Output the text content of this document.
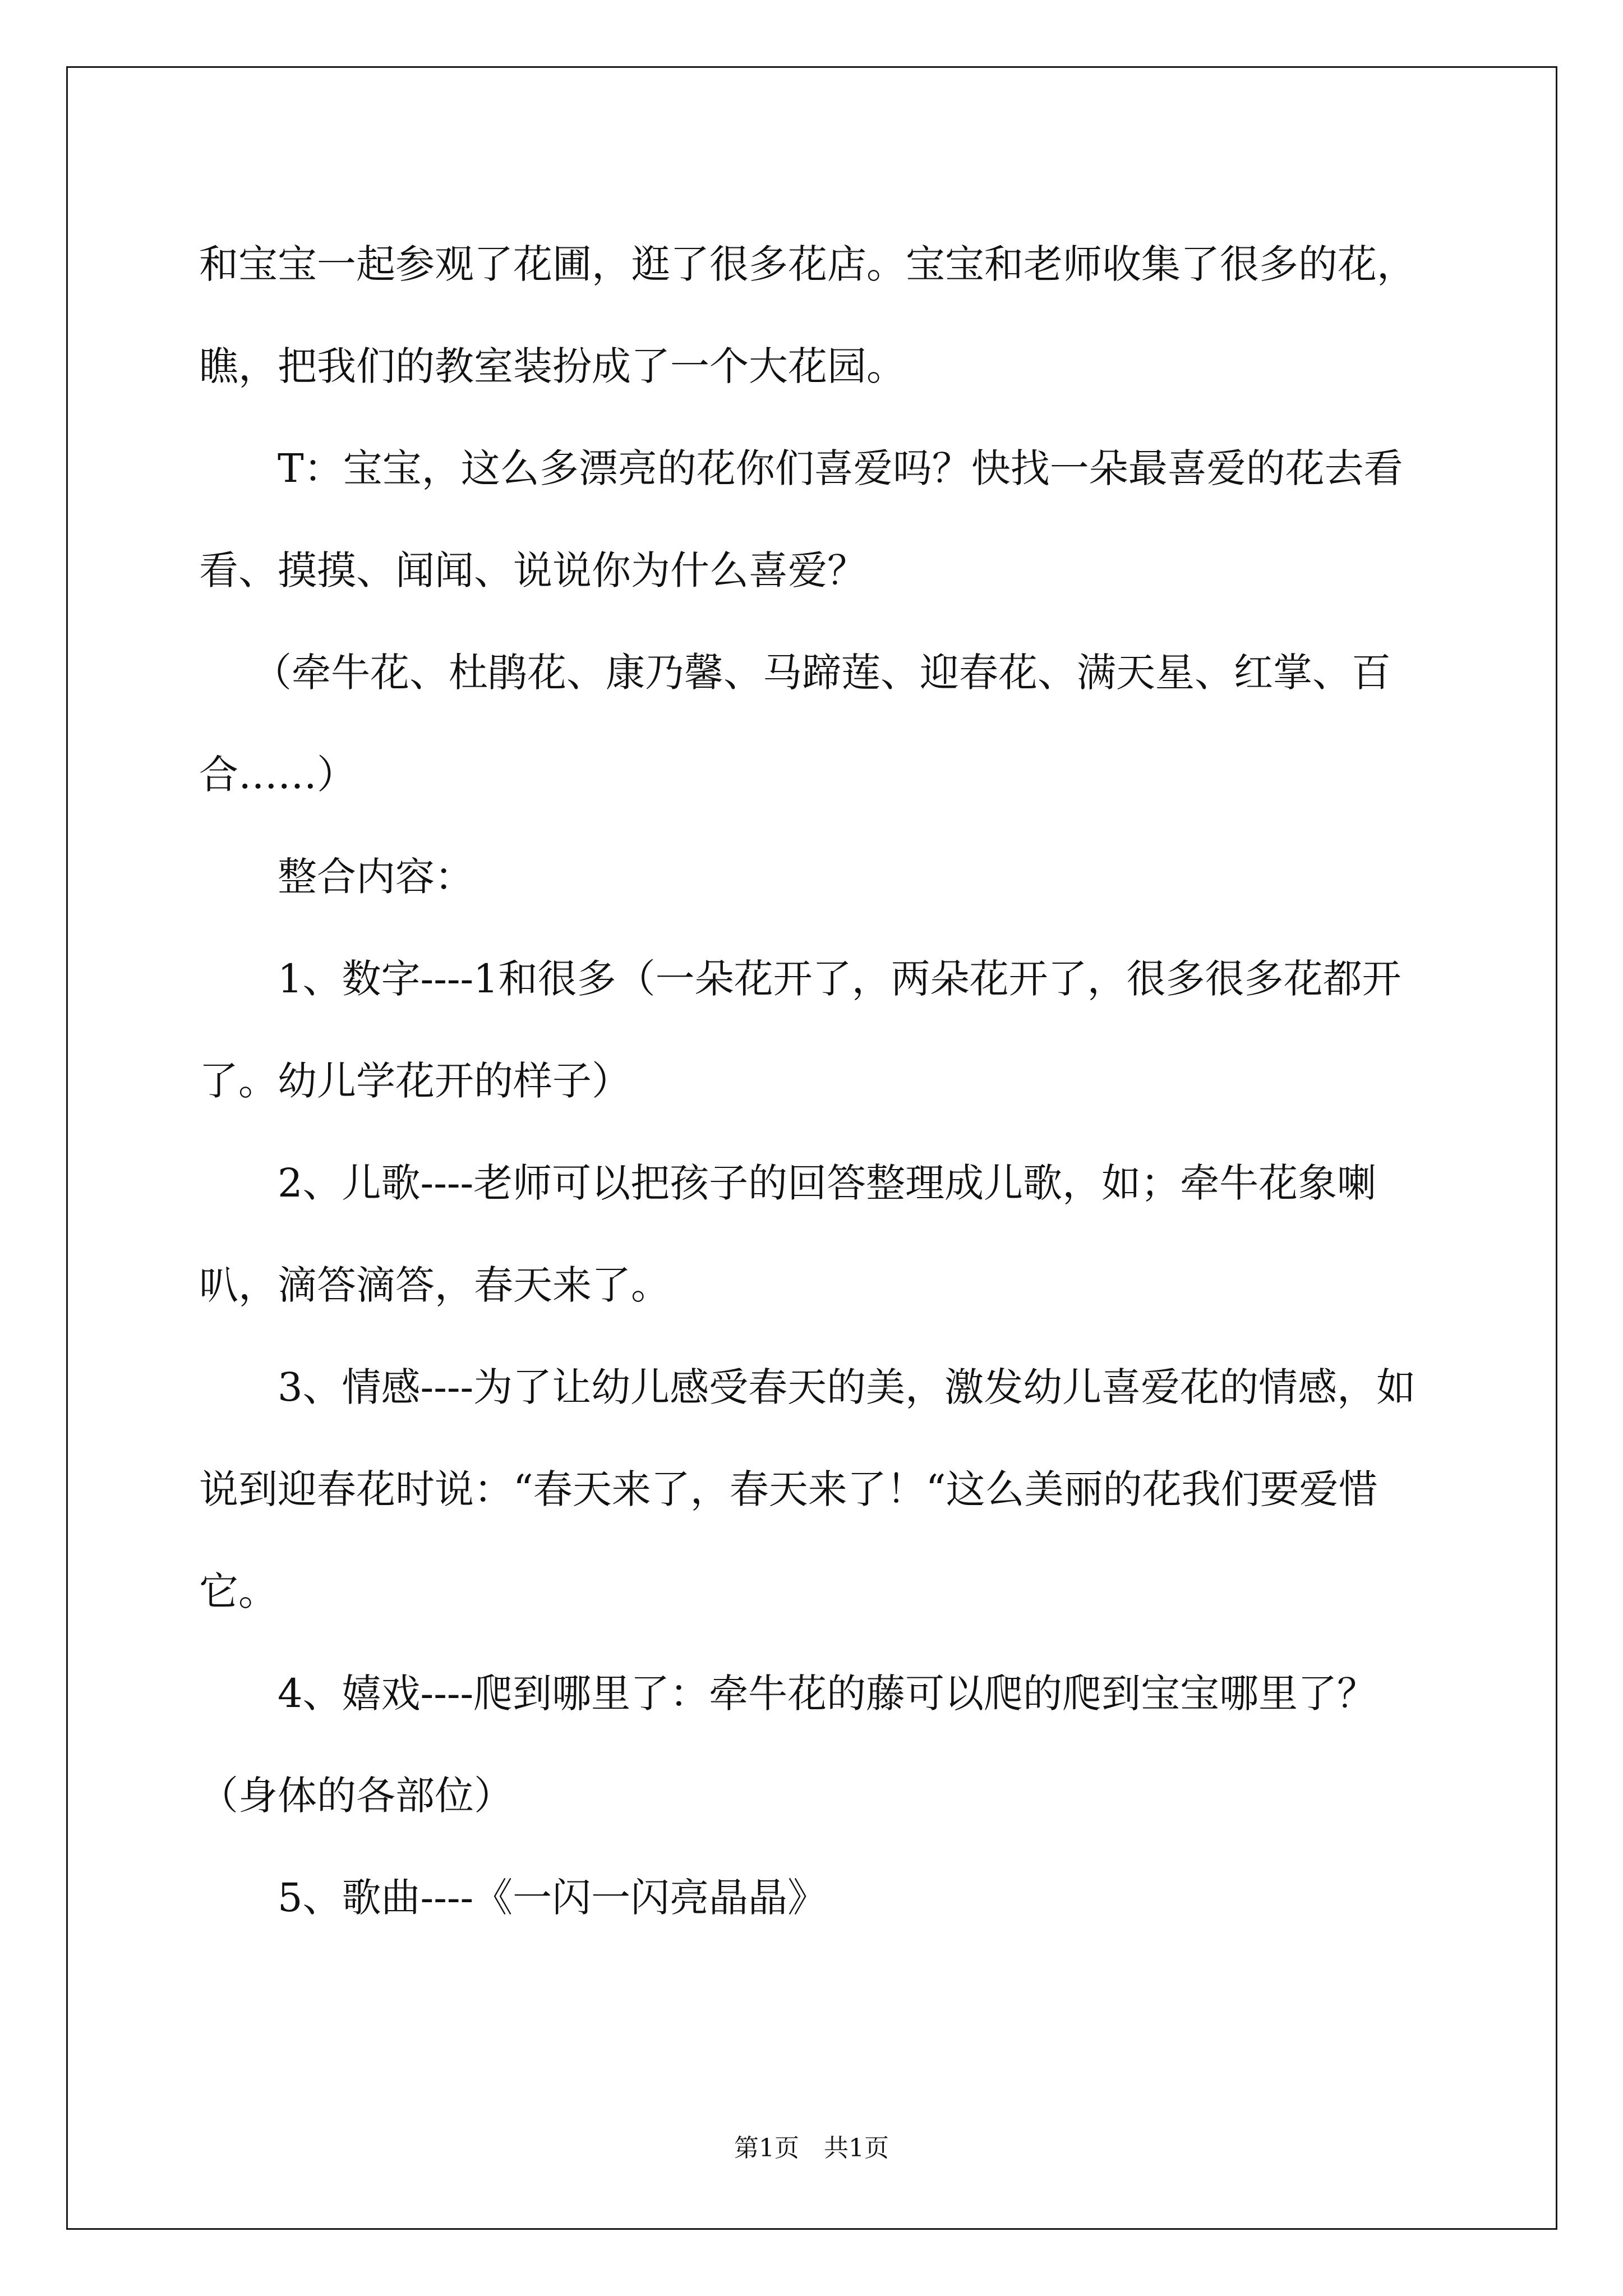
和宝宝一起参观了花圃，逛了很多花店。宝宝和老师收集了很多的花，瞧，把我们的教室装扮成了一个大花园。

T：宝宝，这么多漂亮的花你们喜爱吗？快找一朵最喜爱的花去看看、摸摸、闻闻、说说你为什么喜爱？

（牵牛花、杜鹃花、康乃馨、马蹄莲、迎春花、满天星、红掌、百合……）

整合内容：

1、数字----1和很多（一朵花开了，两朵花开了，很多很多花都开了。幼儿学花开的样子）

2、儿歌----老师可以把孩子的回答整理成儿歌，如；牵牛花象喇叭，滴答滴答，春天来了。

3、情感----为了让幼儿感受春天的美，激发幼儿喜爱花的情感，如说到迎春花时说：“春天来了，春天来了！“这么美丽的花我们要爱惜它。

4、嬉戏----爬到哪里了：牵牛花的藤可以爬的爬到宝宝哪里了？（身体的各部位）

5、歌曲----《一闪一闪亮晶晶》

第1页 共1页
